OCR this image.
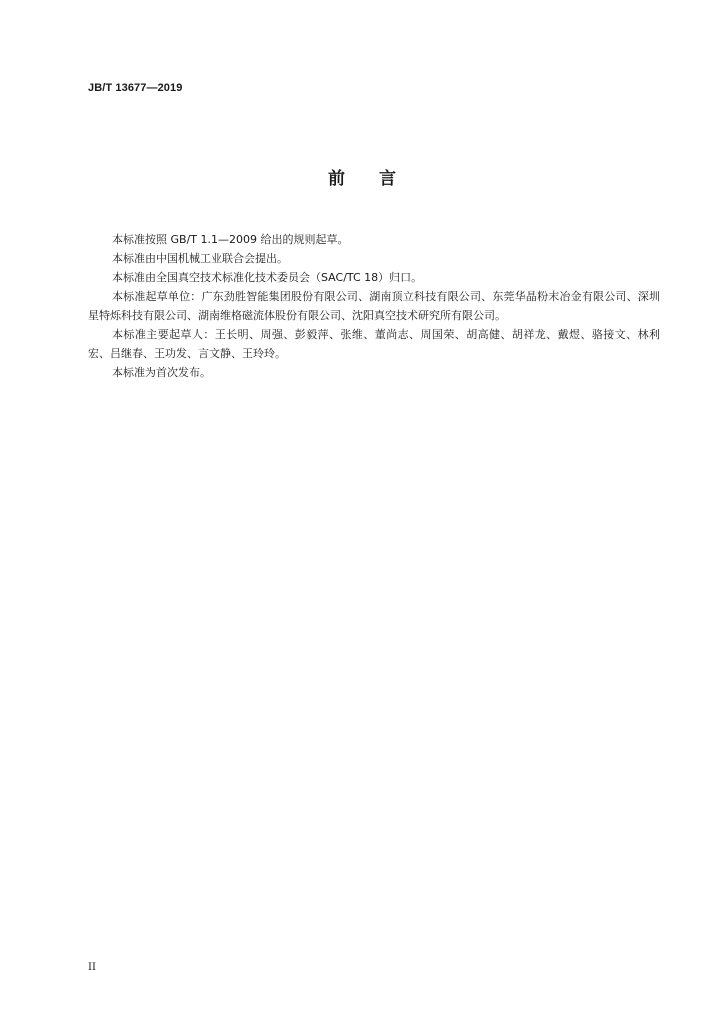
JB/T 13677—2019
前 言

本标准按照 GB/T 1.1—2009 给出的规则起草。

本标准由中国机械工业联合会提出。

本标准由全国真空技术标准化技术委员会（SAC/TC 18）归口。

本标准起草单位：广东劲胜智能集团股份有限公司、湖南顶立科技有限公司、东莞华晶粉末冶金有限公司、深圳星特烁科技有限公司、湖南维格磁流体股份有限公司、沈阳真空技术研究所有限公司。

本标准主要起草人：王长明、周强、彭毅萍、张维、董尚志、周国荣、胡高健、胡祥龙、戴煜、骆接文、林利宏、吕继春、王功发、言文静、王玲玲。

本标准为首次发布。

II
